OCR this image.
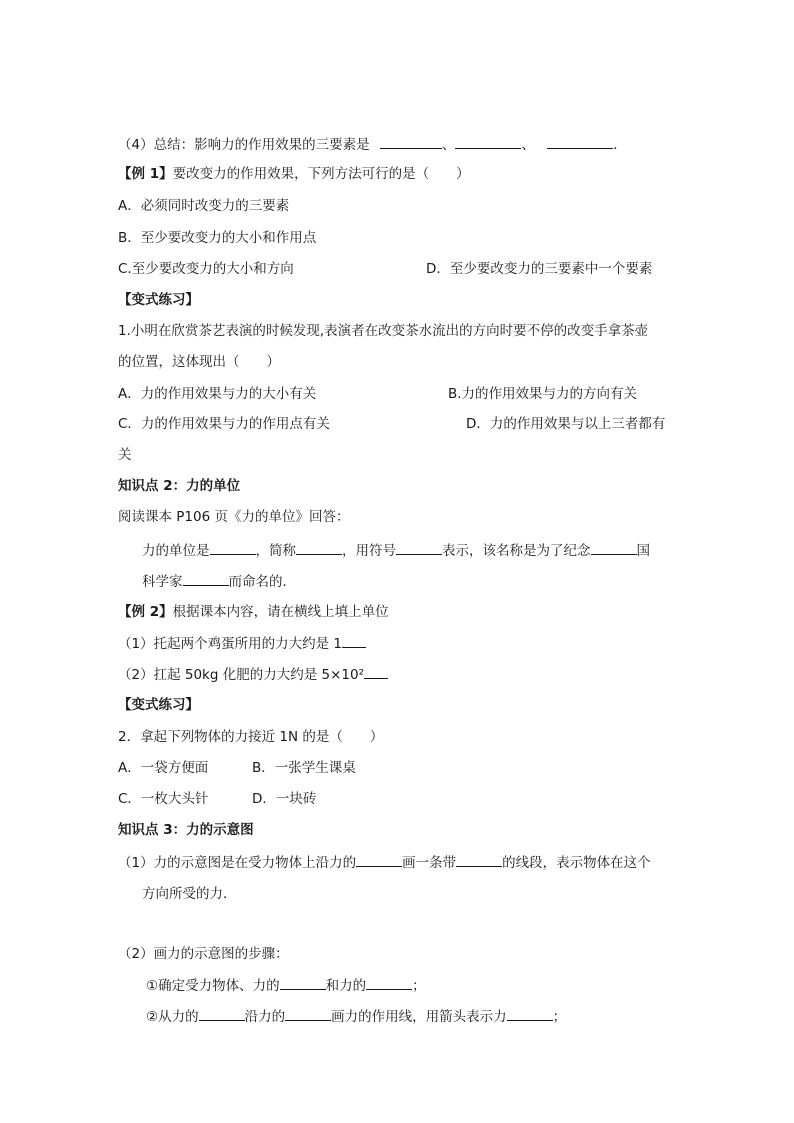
（4）总结：影响力的作用效果的三要素是	、	、	．
【例 1】要改变力的作用效果，下列方法可行的是（　　）
A．必须同时改变力的三要素
B．至少要改变力的大小和作用点
C.至少要改变力的大小和方向	D．至少要改变力的三要素中一个要素
【变式练习】
1.小明在欣赏茶艺表演的时候发现,表演者在改变茶水流出的方向时要不停的改变手拿茶壶
的位置，这体现出（　　）
A．力的作用效果与力的大小有关	B.力的作用效果与力的方向有关
C．力的作用效果与力的作用点有关	D．力的作用效果与以上三者都有
关
知识点 2：力的单位
阅读课本 P106 页《力的单位》回答：
力的单位是	，简称	，用符号	表示，该名称是为了纪念	国
科学家	而命名的．
【例 2】根据课本内容，请在横线上填上单位
（1）托起两个鸡蛋所用的力大约是 1
（2）扛起 50kg 化肥的力大约是 5×10²
【变式练习】
2．拿起下列物体的力接近 1N 的是（　　）
A．一袋方便面	B．一张学生课桌
C．一枚大头针	D．一块砖
知识点 3：力的示意图
（1）力的示意图是在受力物体上沿力的	画一条带	的线段，表示物体在这个
方向所受的力．
（2）画力的示意图的步骤：
①确定受力物体、力的	和力的	；
②从力的	沿力的	画力的作用线，用箭头表示力	；
